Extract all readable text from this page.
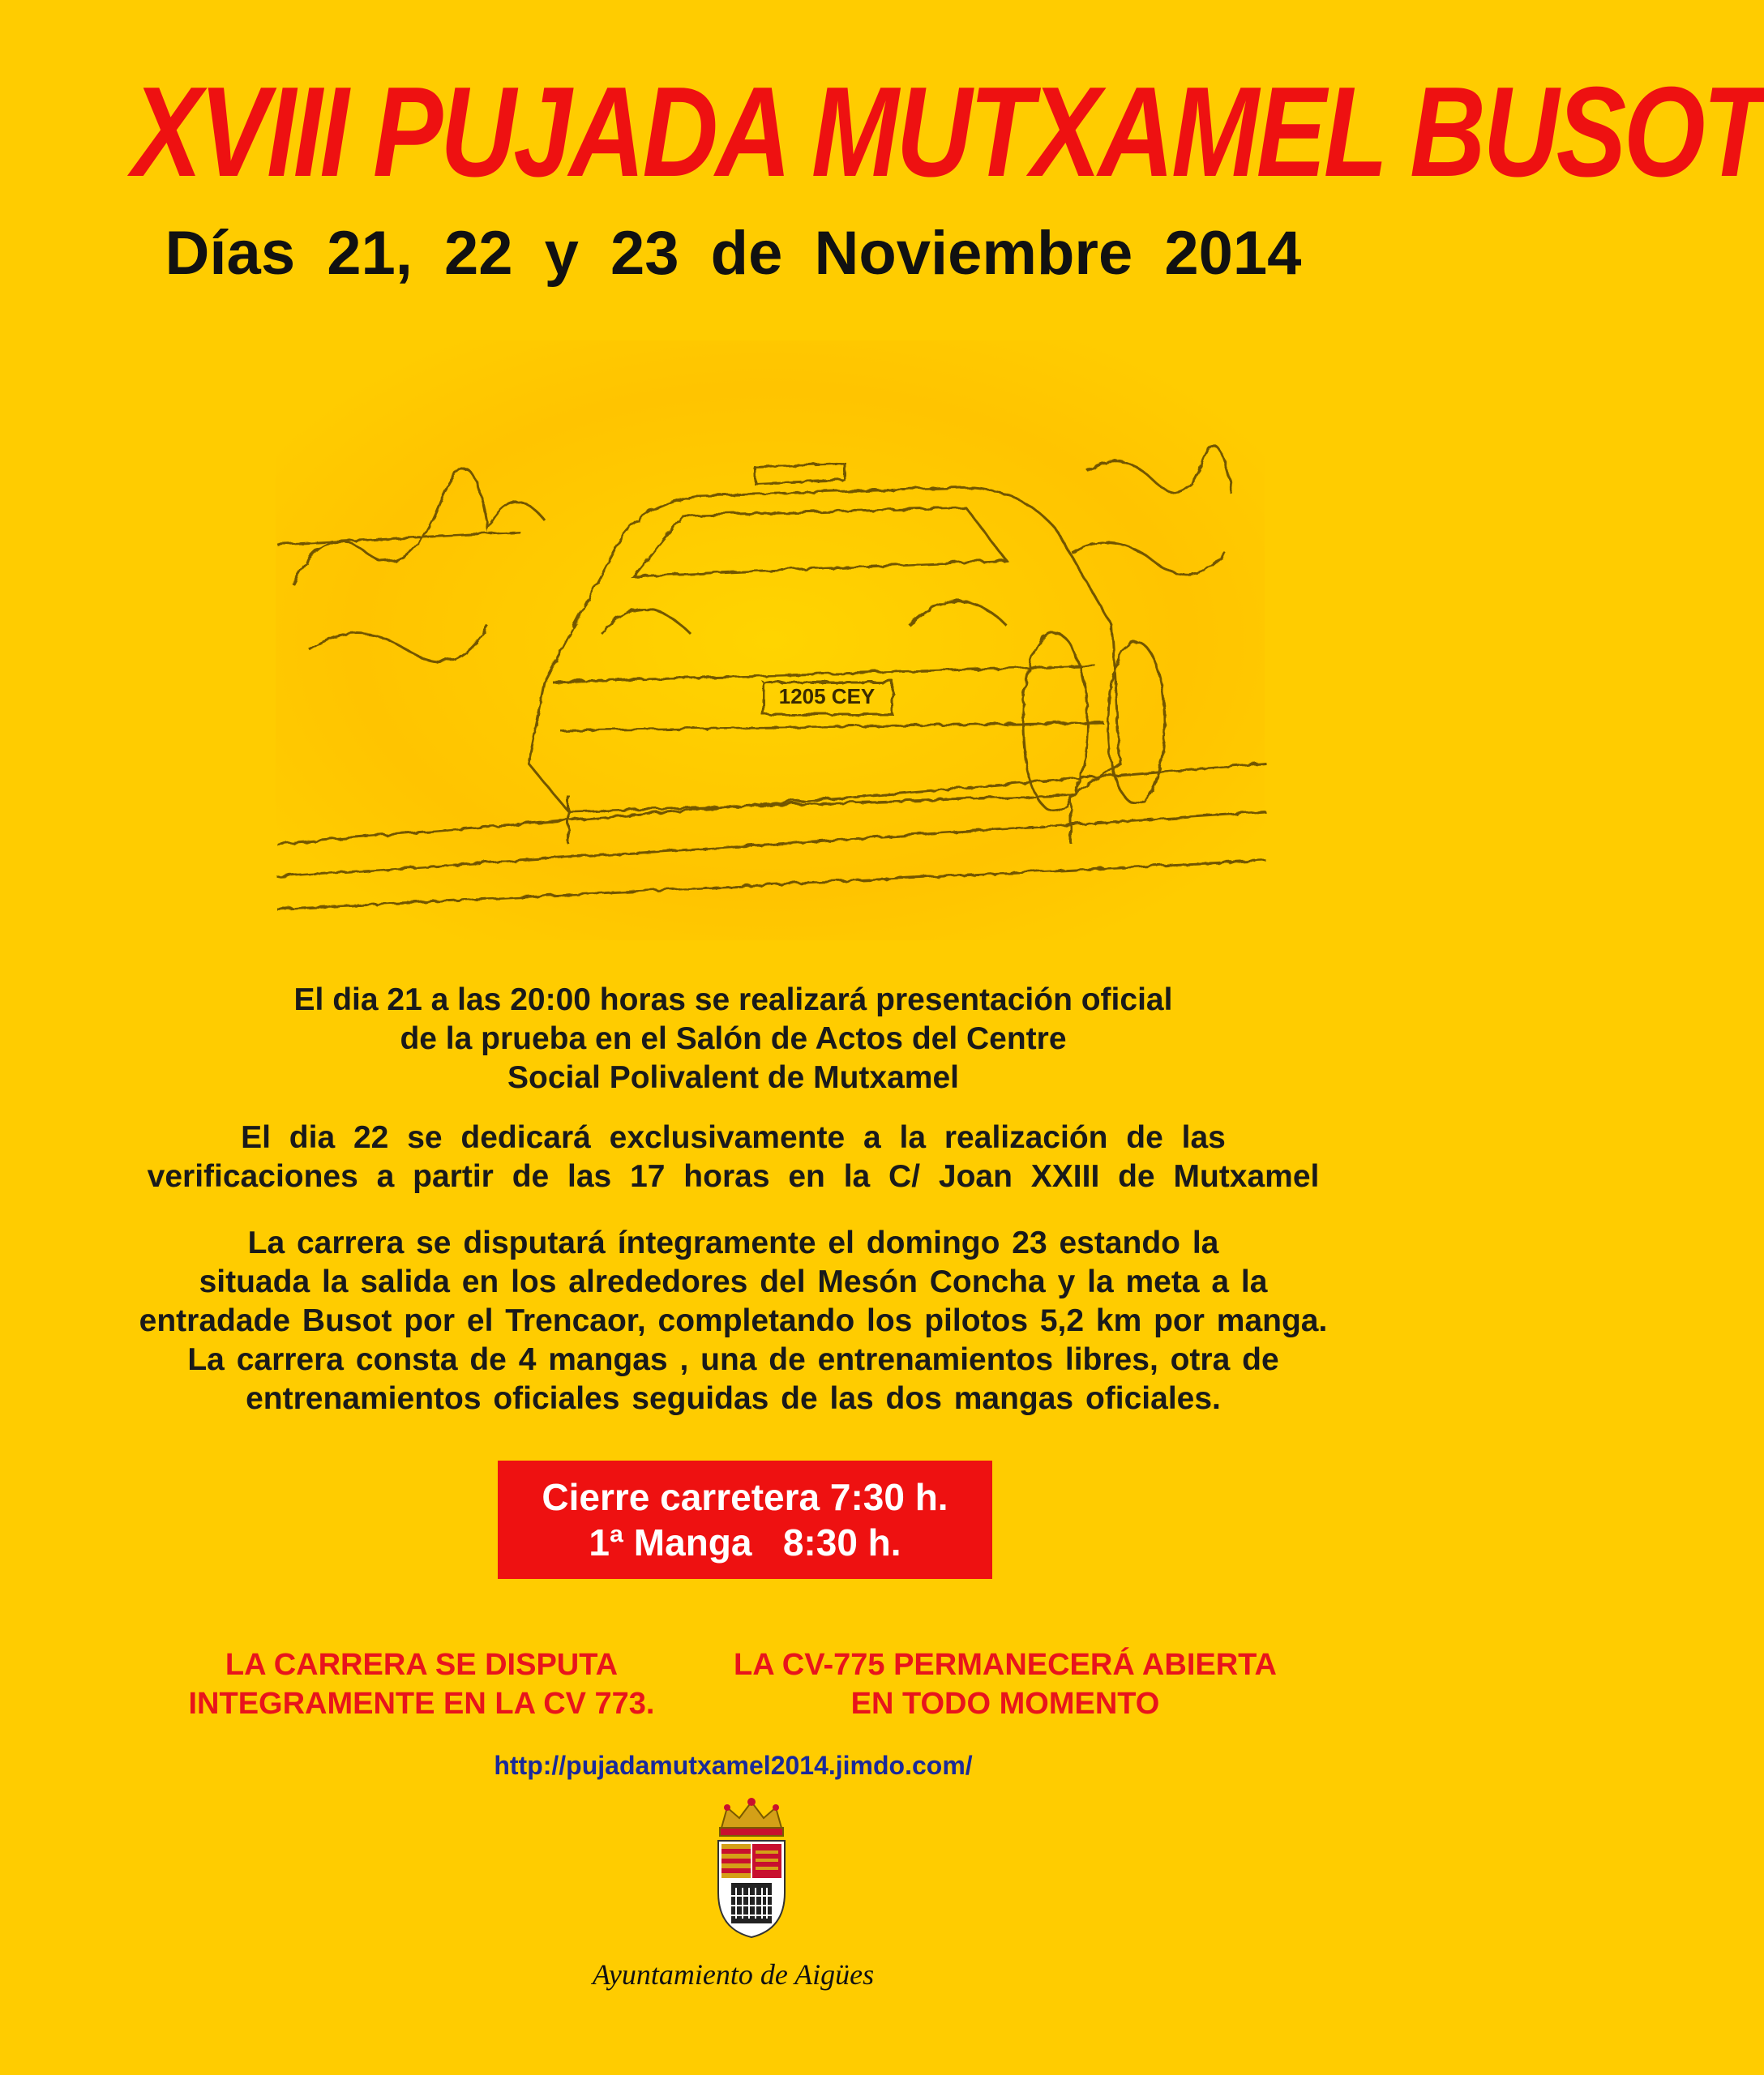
XVIII PUJADA MUTXAMEL BUSOT
Días 21, 22 y 23 de Noviembre 2014
1205 CEY
El dia 21 a las 20:00 horas se realizará presentación oficial
de la prueba en el Salón de Actos del Centre
Social Polivalent de Mutxamel
El dia 22 se dedicará exclusivamente a la realización de las
verificaciones a partir de las 17 horas en la C/ Joan XXIII de Mutxamel
La carrera se disputará íntegramente el domingo 23 estando la
situada la salida en los alrededores del Mesón Concha y la meta a la
entradade Busot por el Trencaor, completando los pilotos 5,2 km por manga.
La carrera consta de 4 mangas , una de entrenamientos libres, otra de
entrenamientos oficiales seguidas de las dos mangas oficiales.
Cierre carretera 7:30 h.
1ª Manga   8:30 h.
LA CARRERA SE DISPUTA
INTEGRAMENTE EN LA CV 773.
LA CV-775 PERMANECERÁ ABIERTA
EN TODO MOMENTO
http://pujadamutxamel2014.jimdo.com/
Ayuntamiento de Aigües
